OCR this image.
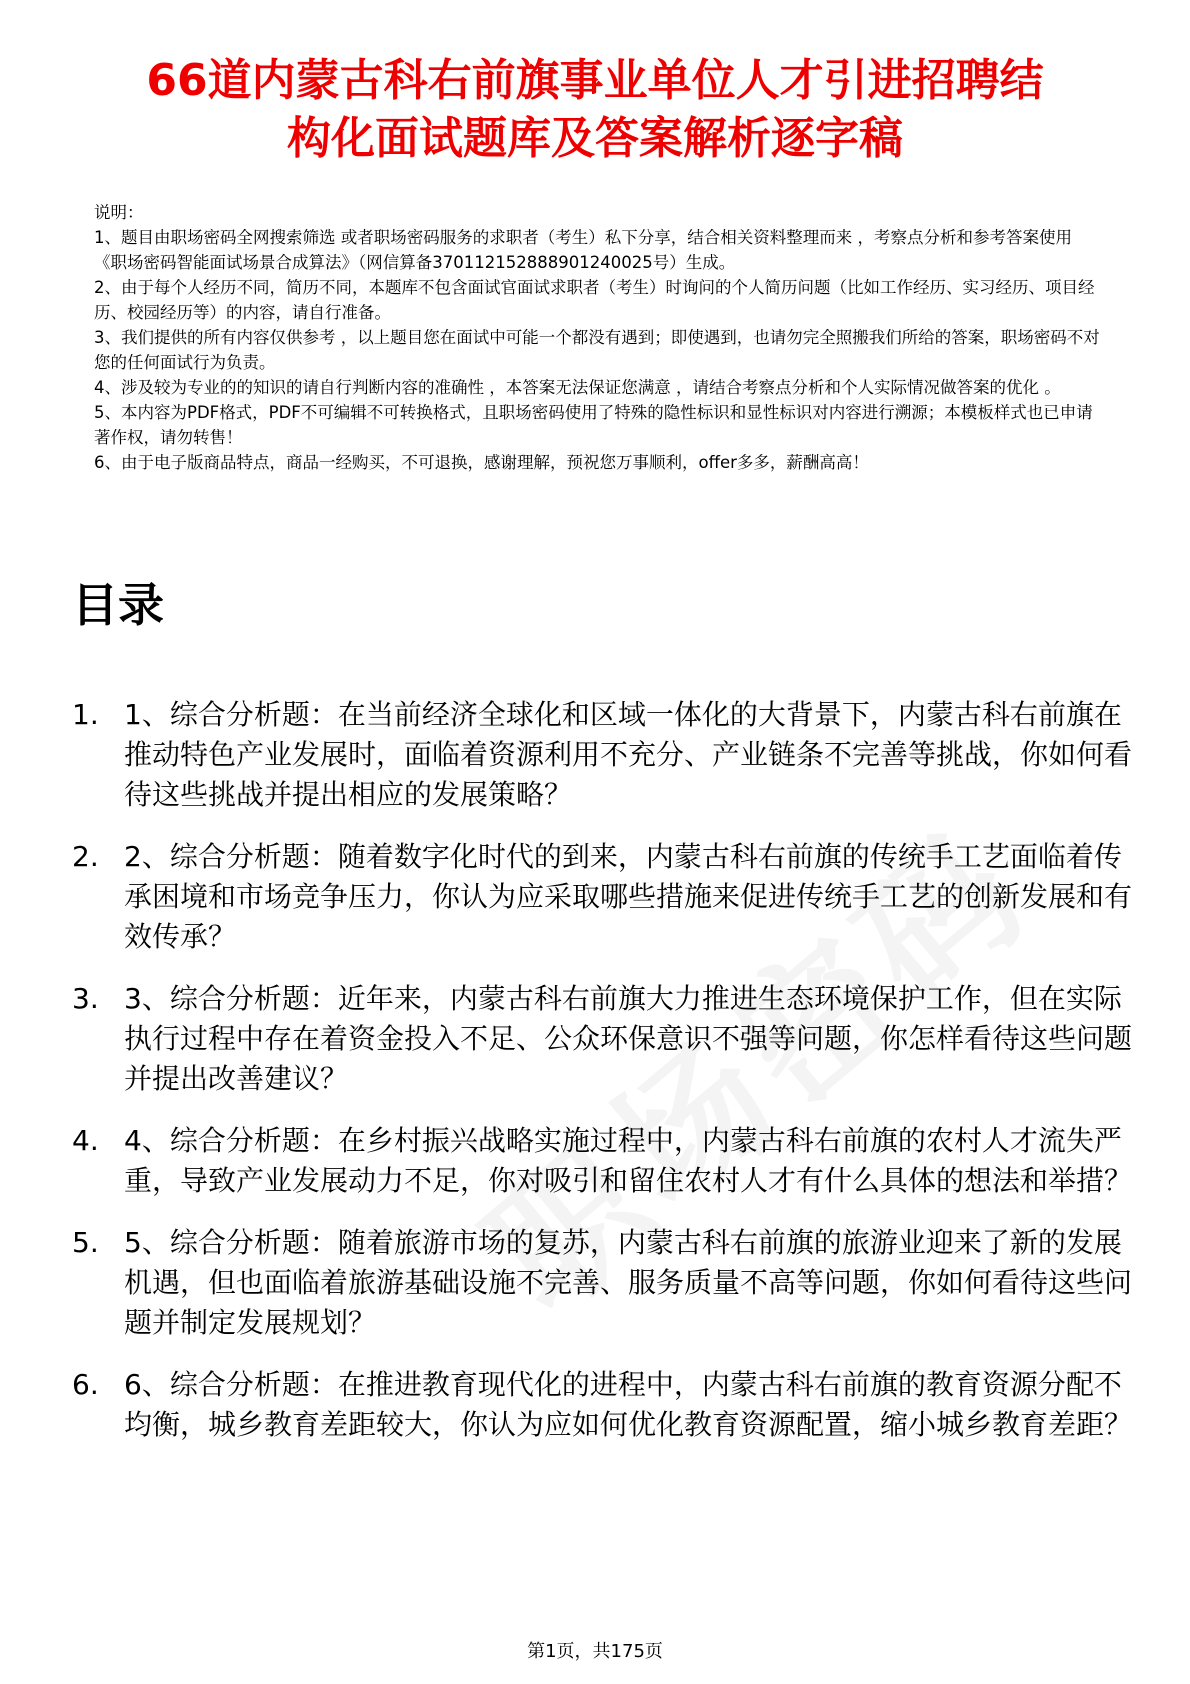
66道内蒙古科右前旗事业单位人才引进招聘结
构化面试题库及答案解析逐字稿

说明：

1、题目由职场密码全网搜索筛选 或者职场密码服务的求职者（考生）私下分享，结合相关资料整理而来 ，考察点分析和参考答案使用《职场密码智能面试场景合成算法》（网信算备370112152888901240025号）生成。

2、由于每个人经历不同，简历不同，本题库不包含面试官面试求职者（考生）时询问的个人简历问题（比如工作经历、实习经历、项目经历、校园经历等）的内容，请自行准备。

3、我们提供的所有内容仅供参考 ，以上题目您在面试中可能一个都没有遇到；即使遇到，也请勿完全照搬我们所给的答案，职场密码不对您的任何面试行为负责。

4、涉及较为专业的的知识的请自行判断内容的准确性 ，本答案无法保证您满意 ，请结合考察点分析和个人实际情况做答案的优化 。

5、本内容为PDF格式，PDF不可编辑不可转换格式，且职场密码使用了特殊的隐性标识和显性标识对内容进行溯源；本模板样式也已申请著作权，请勿转售！

6、由于电子版商品特点，商品一经购买，不可退换，感谢理解，预祝您万事顺利，offer多多，薪酬高高！

目录
1. 1、综合分析题：在当前经济全球化和区域一体化的大背景下，内蒙古科右前旗在推动特色产业发展时，面临着资源利用不充分、产业链条不完善等挑战，你如何看待这些挑战并提出相应的发展策略？
2. 2、综合分析题：随着数字化时代的到来，内蒙古科右前旗的传统手工艺面临着传承困境和市场竞争压力，你认为应采取哪些措施来促进传统手工艺的创新发展和有效传承？
3. 3、综合分析题：近年来，内蒙古科右前旗大力推进生态环境保护工作，但在实际执行过程中存在着资金投入不足、公众环保意识不强等问题，你怎样看待这些问题并提出改善建议？
4. 4、综合分析题：在乡村振兴战略实施过程中，内蒙古科右前旗的农村人才流失严重，导致产业发展动力不足，你对吸引和留住农村人才有什么具体的想法和举措？
5. 5、综合分析题：随着旅游市场的复苏，内蒙古科右前旗的旅游业迎来了新的发展机遇，但也面临着旅游基础设施不完善、服务质量不高等问题，你如何看待这些问题并制定发展规划？
6. 6、综合分析题：在推进教育现代化的进程中，内蒙古科右前旗的教育资源分配不均衡，城乡教育差距较大，你认为应如何优化教育资源配置，缩小城乡教育差距？
第1页，共175页
